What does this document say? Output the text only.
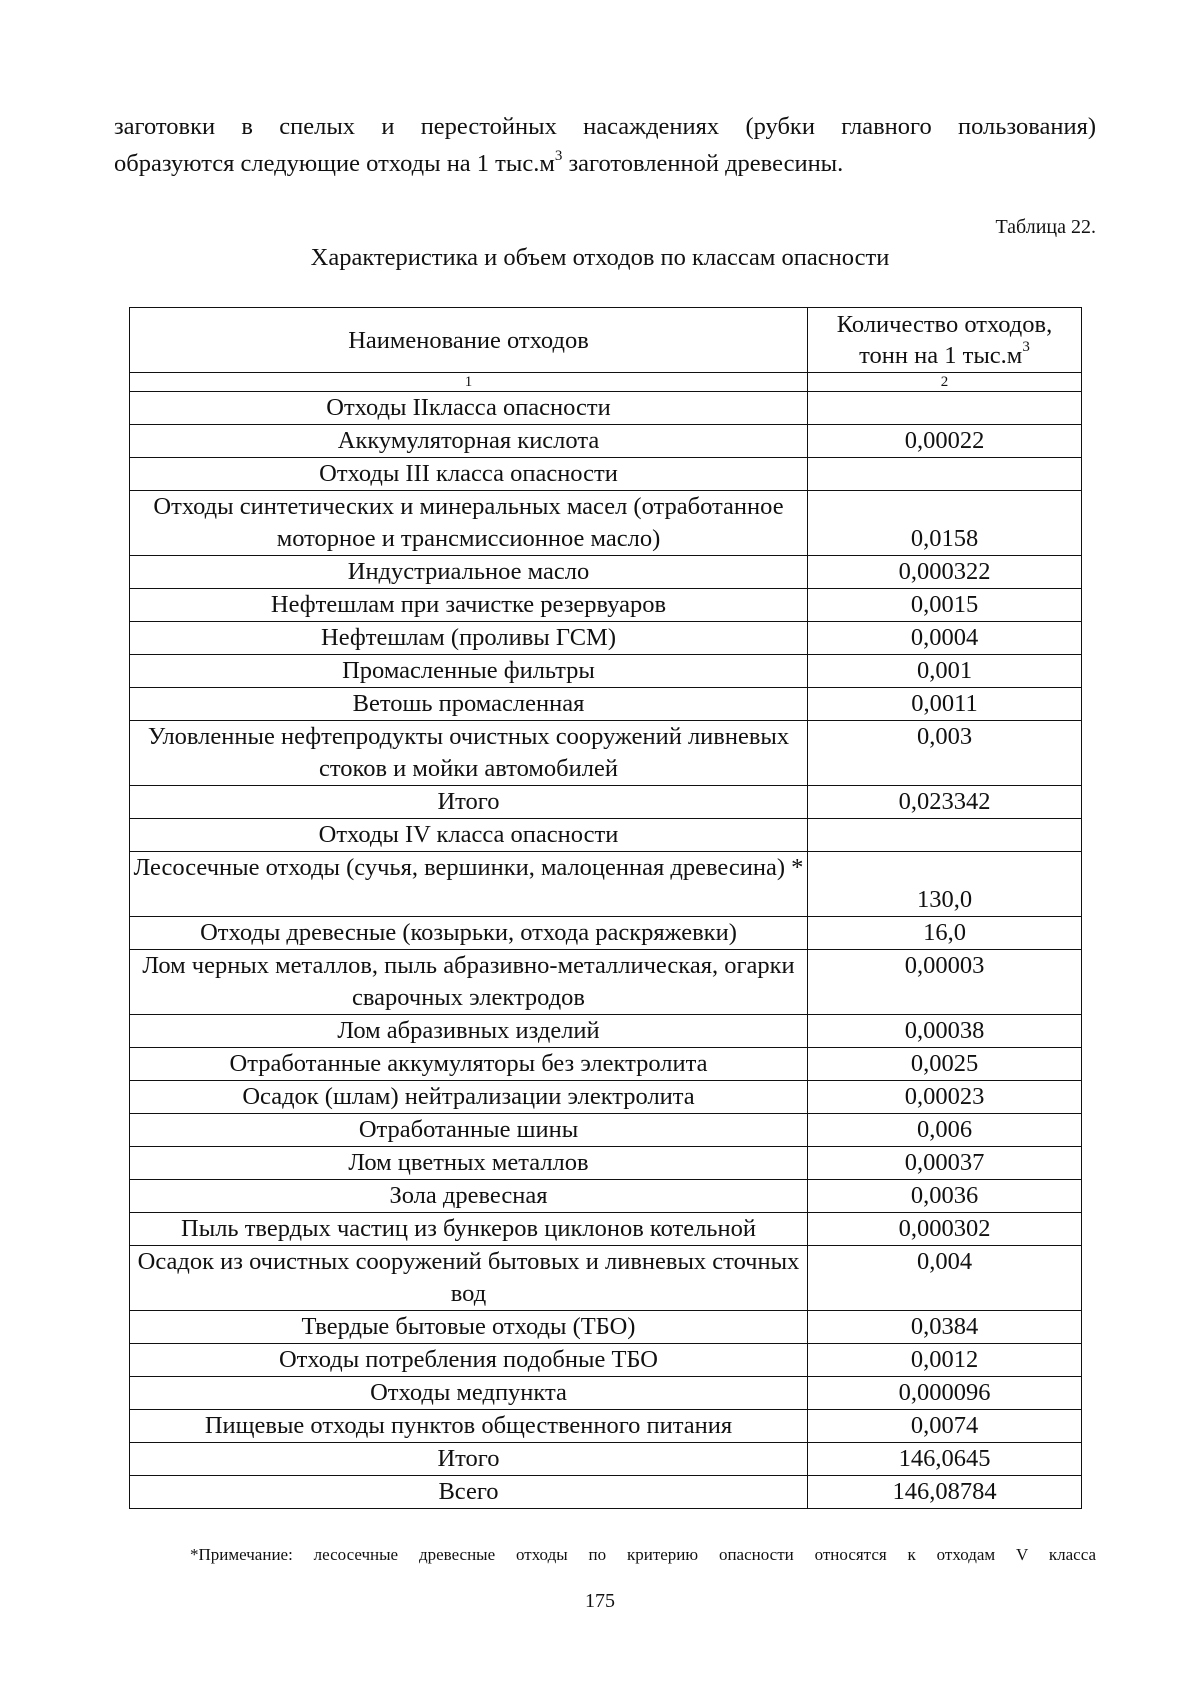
заготовки в спелых и перестойных насаждениях (рубки главного пользования)

образуются следующие отходы на 1 $тыс.м^3$ заготовленной древесины.

Таблица 22.
Характеристика и объем отходов по классам опасности
Наименование отходов	Количество отходов,
тонн на 1 $тыс.м^3$
1	2
Отходы IIкласса опасности	
Аккумуляторная кислота	0,00022
Отходы III класса опасности	
Отходы синтетических и минеральных масел (отработанное моторное и трансмиссионное масло)	0,0158
Индустриальное масло	0,000322
Нефтешлам при зачистке резервуаров	0,0015
Нефтешлам (проливы ГСМ)	0,0004
Промасленные фильтры	0,001
Ветошь промасленная	0,0011
Уловленные нефтепродукты очистных сооружений ливневых стоков и мойки автомобилей	0,003
Итого	0,023342
Отходы IV класса опасности	
Лесосечные отходы (сучья, вершинки, малоценная древесина) *	130,0
Отходы древесные (козырьки, отхода раскряжевки)	16,0
Лом черных металлов, пыль абразивно-металлическая, огарки сварочных электродов	0,00003
Лом абразивных изделий	0,00038
Отработанные аккумуляторы без электролита	0,0025
Осадок (шлам) нейтрализации электролита	0,00023
Отработанные шины	0,006
Лом цветных металлов	0,00037
Зола древесная	0,0036
Пыль твердых частиц из бункеров циклонов котельной	0,000302
Осадок из очистных сооружений бытовых и ливневых сточных вод	0,004
Твердые бытовые отходы (ТБО)	0,0384
Отходы потребления подобные ТБО	0,0012
Отходы медпункта	0,000096
Пищевые отходы пунктов общественного питания	0,0074
Итого	146,0645
Всего	146,08784
*Примечание: лесосечные древесные отходы по критерию опасности относятся к отходам V класса
175
